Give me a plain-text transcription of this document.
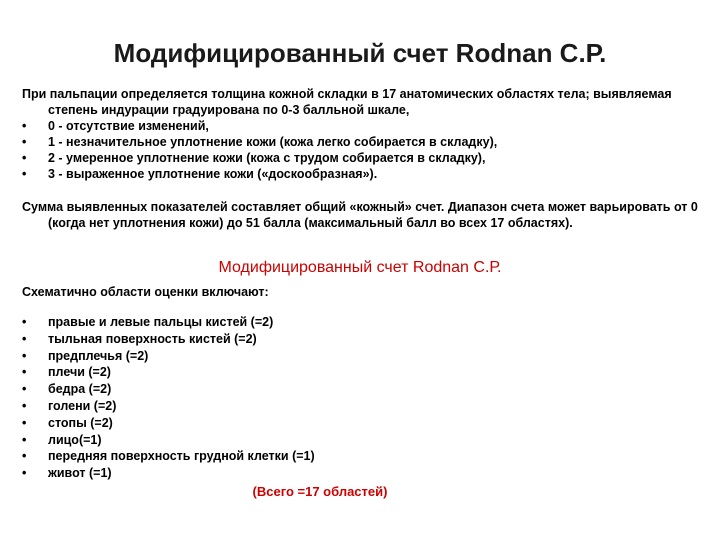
Модифицированный счет Rodnan С.Р.
При пальпации определяется толщина кожной складки в 17 анатомических областях тела; выявляемая степень индурации градуирована по 0-3 балльной шкале,
• 0 - отсутствие изменений,
• 1 - незначительное уплотнение кожи (кожа легко собирается в складку),
• 2 - умеренное уплотнение кожи (кожа с трудом собирается в складку),
• 3 - выраженное уплотнение кожи («доскообразная»).
Сумма выявленных показателей составляет общий «кожный» счет. Диапазон счета может варьировать от 0 (когда нет уплотнения кожи) до 51 балла (максимальный балл во всех 17 областях).
Модифицированный счет Rodnan С.Р.
Схематично области оценки включают:
• правые и левые пальцы кистей (=2)
• тыльная поверхность кистей (=2)
• предплечья (=2)
• плечи (=2)
• бедра (=2)
• голени (=2)
• стопы (=2)
• лицо(=1)
• передняя поверхность грудной клетки (=1)
• живот (=1)
(Всего =17 областей)
